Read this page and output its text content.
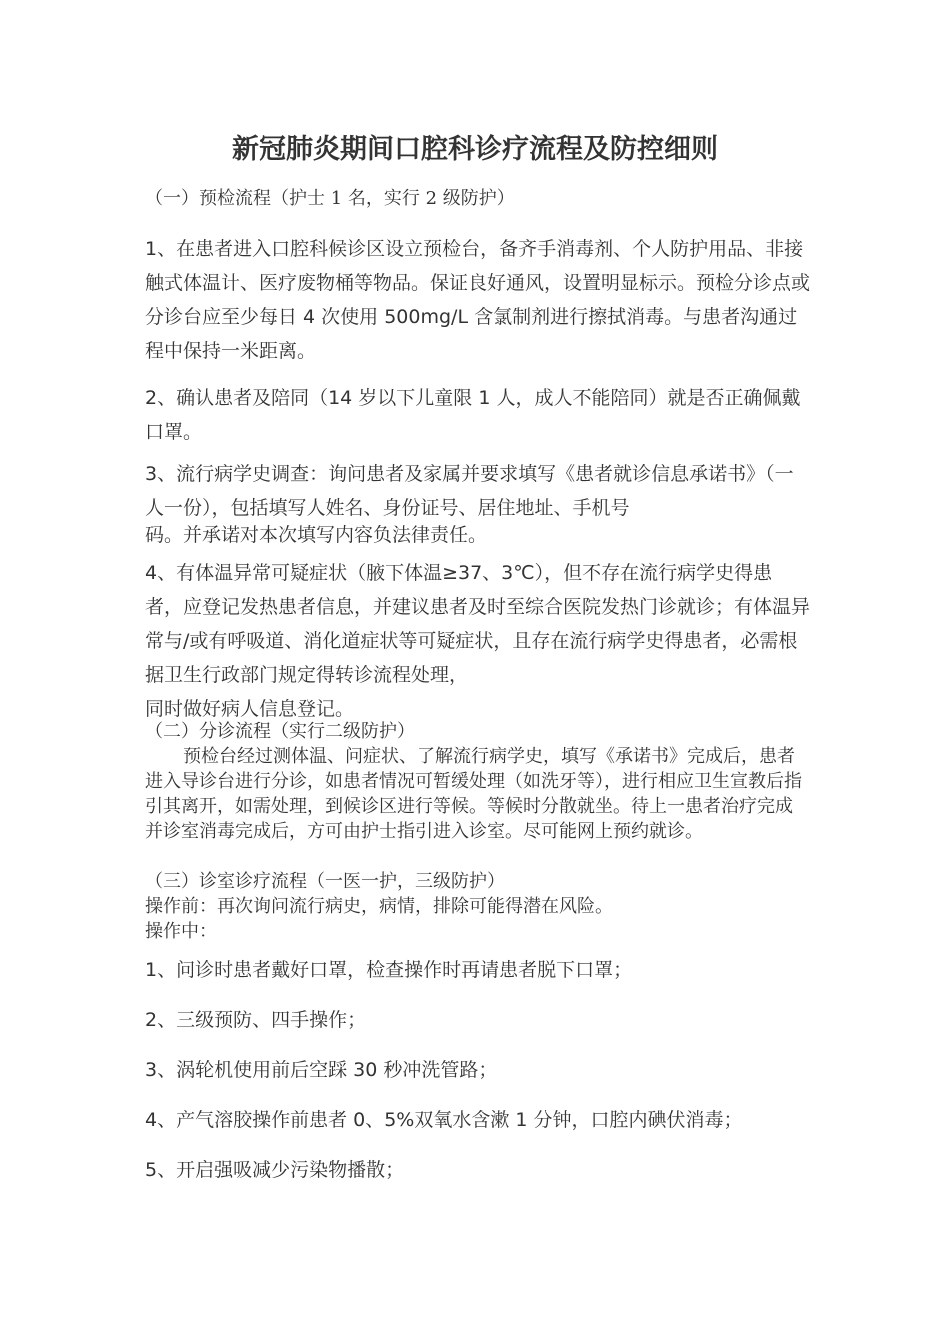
新冠肺炎期间口腔科诊疗流程及防控细则

（一）预检流程（护士 1 名，实行 2 级防护）

1、在患者进入口腔科候诊区设立预检台，备齐手消毒剂、个人防护用品、非接触式体温计、医疗废物桶等物品。保证良好通风，设置明显标示。预检分诊点或分诊台应至少每日 4 次使用 500mg/L 含氯制剂进行擦拭消毒。与患者沟通过程中保持一米距离。

2、确认患者及陪同（14 岁以下儿童限 1 人，成人不能陪同）就是否正确佩戴口罩。

3、流行病学史调查：询问患者及家属并要求填写《患者就诊信息承诺书》（一人一份），包括填写人姓名、身份证号、居住地址、手机号

码。并承诺对本次填写内容负法律责任。

4、有体温异常可疑症状（腋下体温≥37、3℃），但不存在流行病学史得患者，应登记发热患者信息，并建议患者及时至综合医院发热门诊就诊；有体温异常与/或有呼吸道、消化道症状等可疑症状，且存在流行病学史得患者，必需根据卫生行政部门规定得转诊流程处理，

同时做好病人信息登记。

（二）分诊流程（实行二级防护）

预检台经过测体温、问症状、了解流行病学史，填写《承诺书》完成后，患者进入导诊台进行分诊，如患者情况可暂缓处理（如洗牙等），进行相应卫生宣教后指引其离开，如需处理，到候诊区进行等候。等候时分散就坐。待上一患者治疗完成并诊室消毒完成后，方可由护士指引进入诊室。尽可能网上预约就诊。

（三）诊室诊疗流程（一医一护，三级防护）

操作前：再次询问流行病史，病情，排除可能得潜在风险。

操作中：

1、问诊时患者戴好口罩，检查操作时再请患者脱下口罩；

2、三级预防、四手操作；

3、涡轮机使用前后空踩 30 秒冲洗管路；

4、产气溶胶操作前患者 0、5%双氧水含漱 1 分钟，口腔内碘伏消毒；

5、开启强吸减少污染物播散；
